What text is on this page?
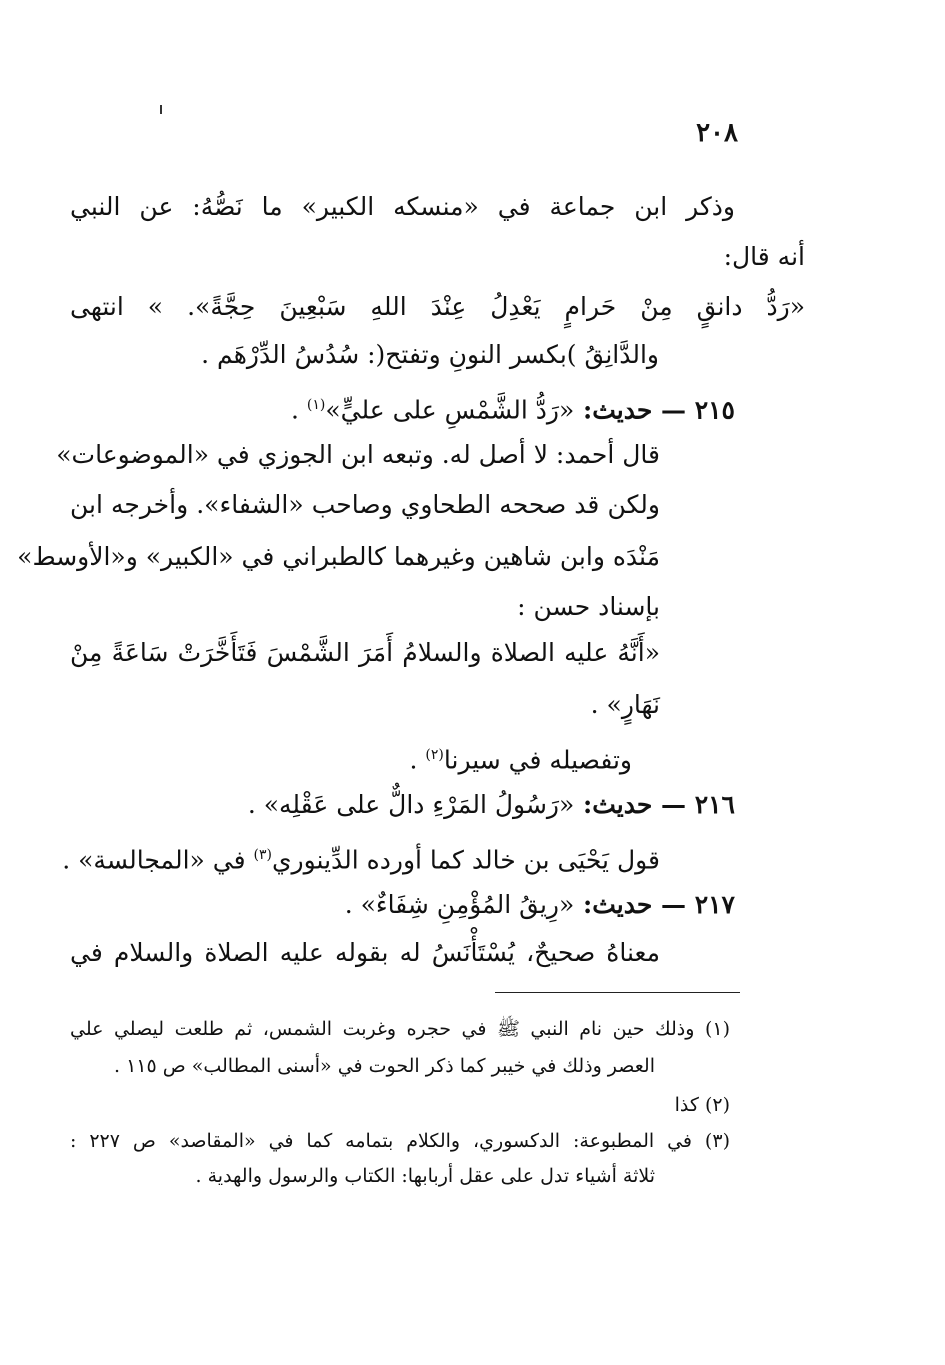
٢٠٨
وذكر ابن جماعة في «منسكه الكبير» ما نَصُّهُ: عن النبي
أنه قال:
«رَدُّ دانقٍ مِنْ حَرامٍ يَعْدِلُ عِنْدَ اللهِ سَبْعِينَ حِجَّةً». » انتهى
والدَّانِقُ )بكسر النونِ وتفتح(: سُدُسُ الدِّرْهَم .
٢١٥ — حديث: «رَدُّ الشَّمْسِ على عليٍّ»$^{(١)}$ .
قال أحمد: لا أصل له. وتبعه ابن الجوزي في «الموضوعات»
ولكن قد صححه الطحاوي وصاحب «الشفاء». وأخرجه ابن
مَنْدَه وابن شاهين وغيرهما كالطبراني في «الكبير» و«الأوسط»
بإسناد حسن :
«أَنَّهُ عليه الصلاة والسلامُ أَمَرَ الشَّمْسَ فَتَأَخَّرَتْ سَاعَةً مِنْ
نَهَارٍ» .
وتفصيله في سيرنا$^{(٢)}$ .
٢١٦ — حديث: «رَسُولُ المَرْءِ دالٌّ على عَقْلِه» .
قول يَحْيَى بن خالد كما أورده الدِّينوري$^{(٣)}$ في «المجالسة» .
٢١٧ — حديث: «رِيقُ المُؤْمِنِ شِفَاءٌ» .
معناهُ صحيحٌ، يُسْتَأْنَسُ له بقوله عليه الصلاة والسلام في
(١) وذلك حين نام النبي ﷺ في حجره وغربت الشمس، ثم طلعت ليصلي علي
العصر وذلك في خيبر كما ذكر الحوت في «أسنى المطالب» ص ١١٥ .
(٢) كذا
(٣) في المطبوعة: الدكسوري، والكلام بتمامه كما في «المقاصد» ص ٢٢٧ :
ثلاثة أشياء تدل على عقل أربابها: الكتاب والرسول والهدية .
